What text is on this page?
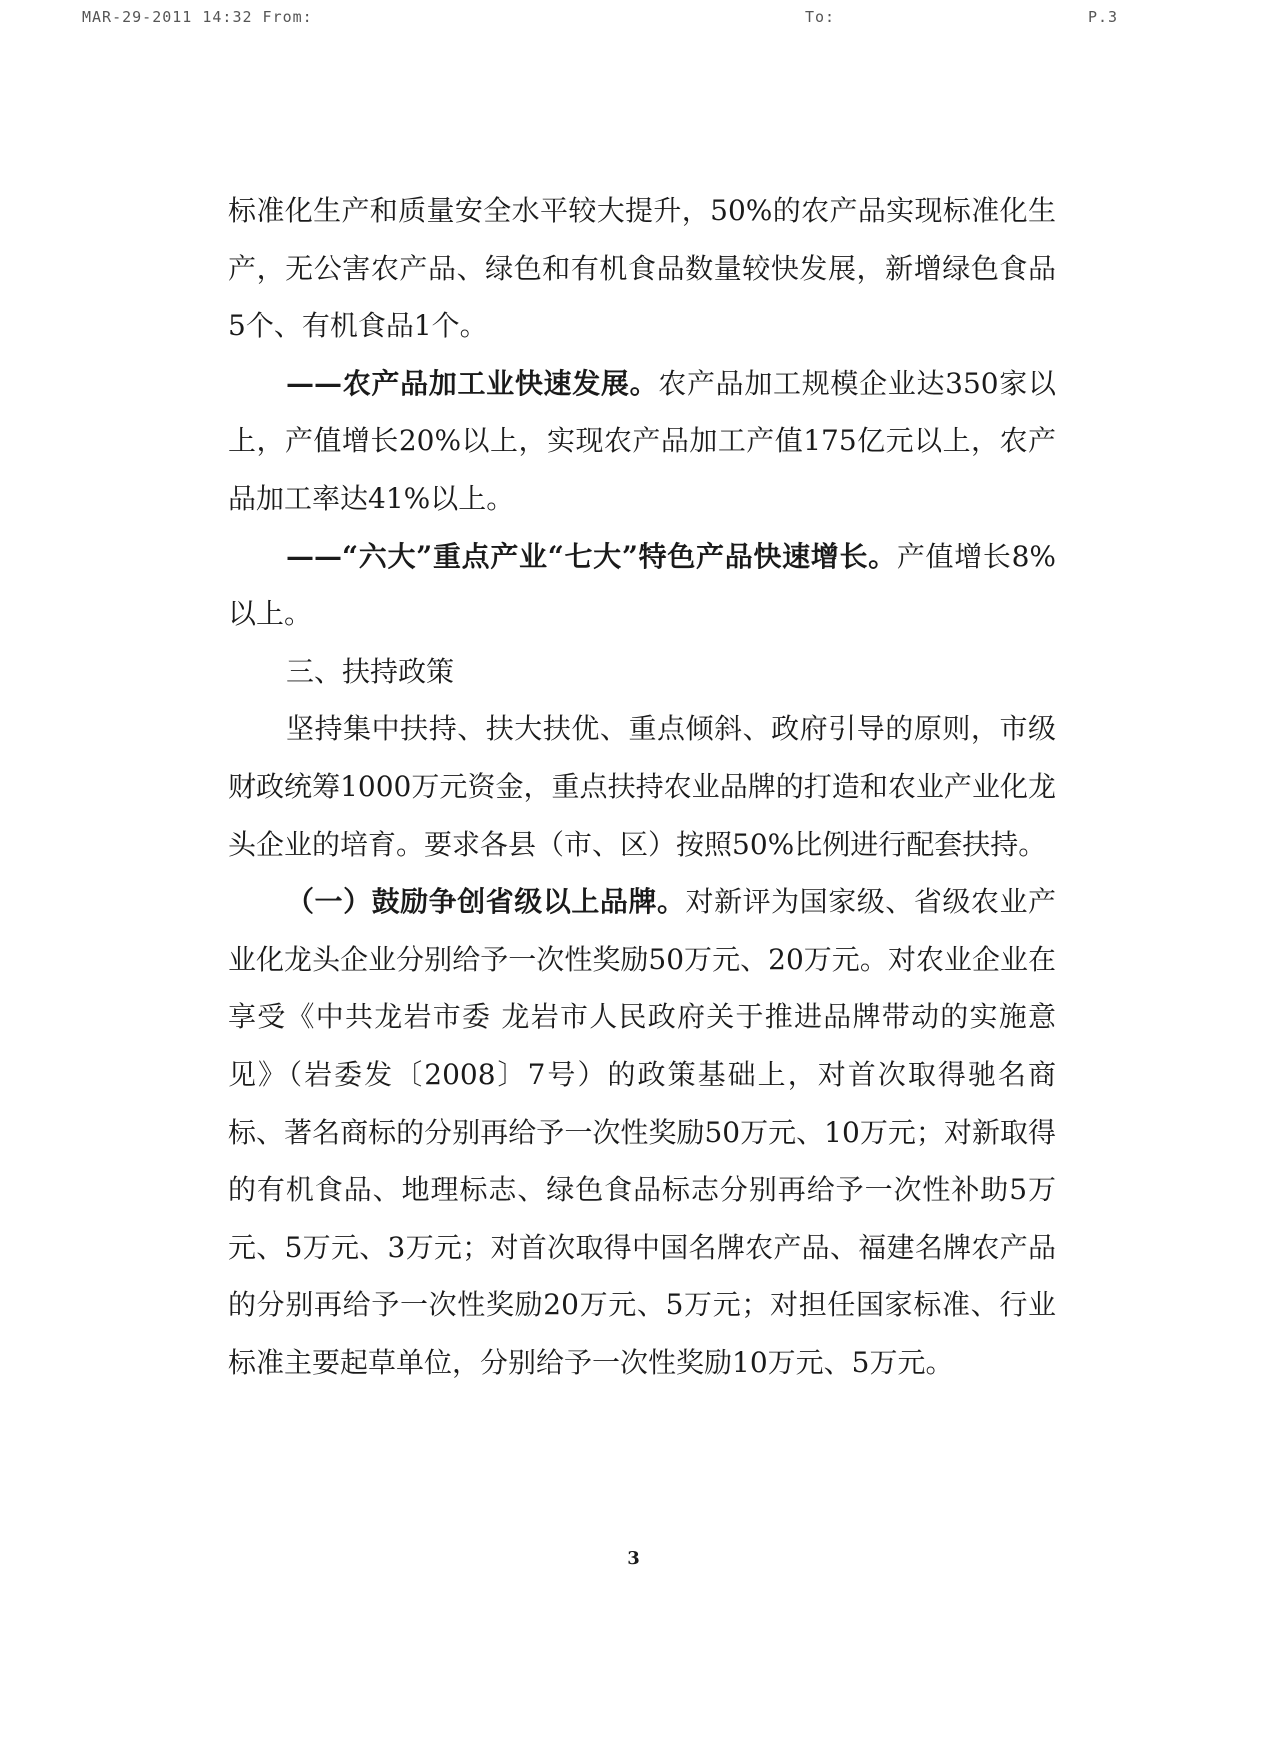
MAR-29-2011 14:32 From:	To:	P.3

标准化生产和质量安全水平较大提升，50%的农产品实现标准化生产，无公害农产品、绿色和有机食品数量较快发展，新增绿色食品5个、有机食品1个。

——农产品加工业快速发展。农产品加工规模企业达350家以上，产值增长20%以上，实现农产品加工产值175亿元以上，农产品加工率达41%以上。

——“六大”重点产业“七大”特色产品快速增长。产值增长8%以上。

三、扶持政策

坚持集中扶持、扶大扶优、重点倾斜、政府引导的原则，市级财政统筹1000万元资金，重点扶持农业品牌的打造和农业产业化龙头企业的培育。要求各县（市、区）按照50%比例进行配套扶持。

（一）鼓励争创省级以上品牌。对新评为国家级、省级农业产业化龙头企业分别给予一次性奖励50万元、20万元。对农业企业在享受《中共龙岩市委 龙岩市人民政府关于推进品牌带动的实施意见》（岩委发〔2008〕7号）的政策基础上，对首次取得驰名商标、著名商标的分别再给予一次性奖励50万元、10万元；对新取得的有机食品、地理标志、绿色食品标志分别再给予一次性补助5万元、5万元、3万元；对首次取得中国名牌农产品、福建名牌农产品的分别再给予一次性奖励20万元、5万元；对担任国家标准、行业标准主要起草单位，分别给予一次性奖励10万元、5万元。

3
